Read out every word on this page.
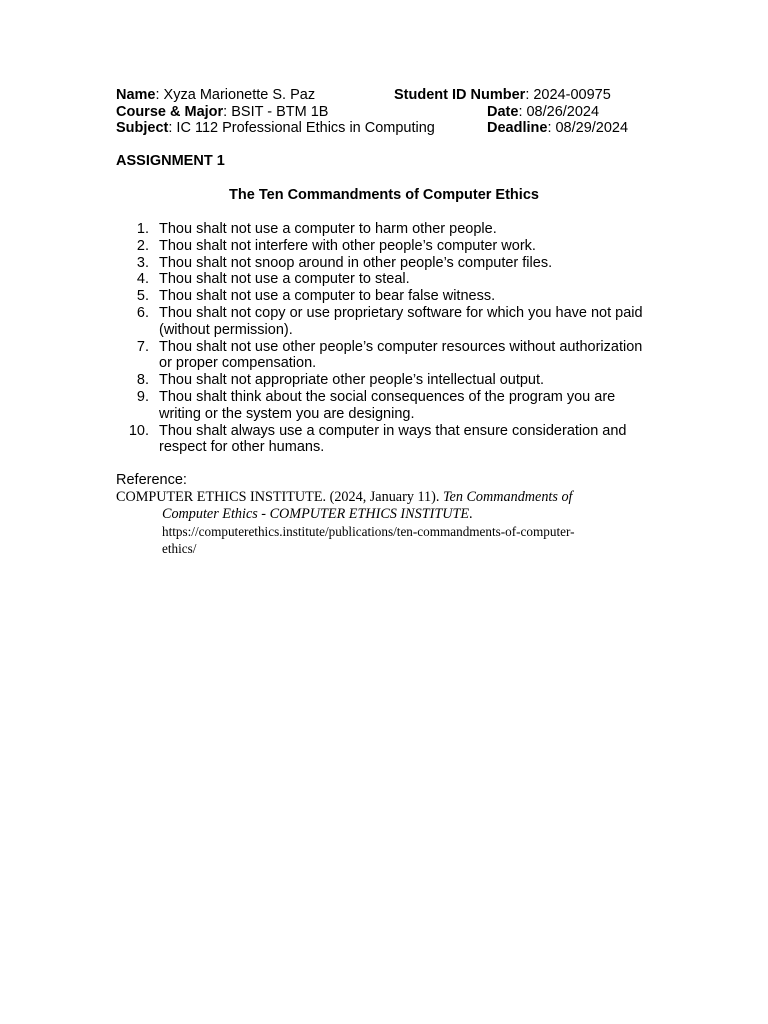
Name: Xyza Marionette S. Paz	Student ID Number: 2024-00975
Course & Major: BSIT - BTM 1B	Date: 08/26/2024
Subject: IC 112 Professional Ethics in Computing	Deadline: 08/29/2024
ASSIGNMENT 1
The Ten Commandments of Computer Ethics
1. Thou shalt not use a computer to harm other people.
2. Thou shalt not interfere with other people’s computer work.
3. Thou shalt not snoop around in other people’s computer files.
4. Thou shalt not use a computer to steal.
5. Thou shalt not use a computer to bear false witness.
6. Thou shalt not copy or use proprietary software for which you have not paid (without permission).
7. Thou shalt not use other people’s computer resources without authorization or proper compensation.
8. Thou shalt not appropriate other people’s intellectual output.
9. Thou shalt think about the social consequences of the program you are writing or the system you are designing.
10. Thou shalt always use a computer in ways that ensure consideration and respect for other humans.
Reference:
COMPUTER ETHICS INSTITUTE. (2024, January 11). Ten Commandments of
Computer Ethics - COMPUTER ETHICS INSTITUTE.
https://computerethics.institute/publications/ten-commandments-of-computer-
ethics/
